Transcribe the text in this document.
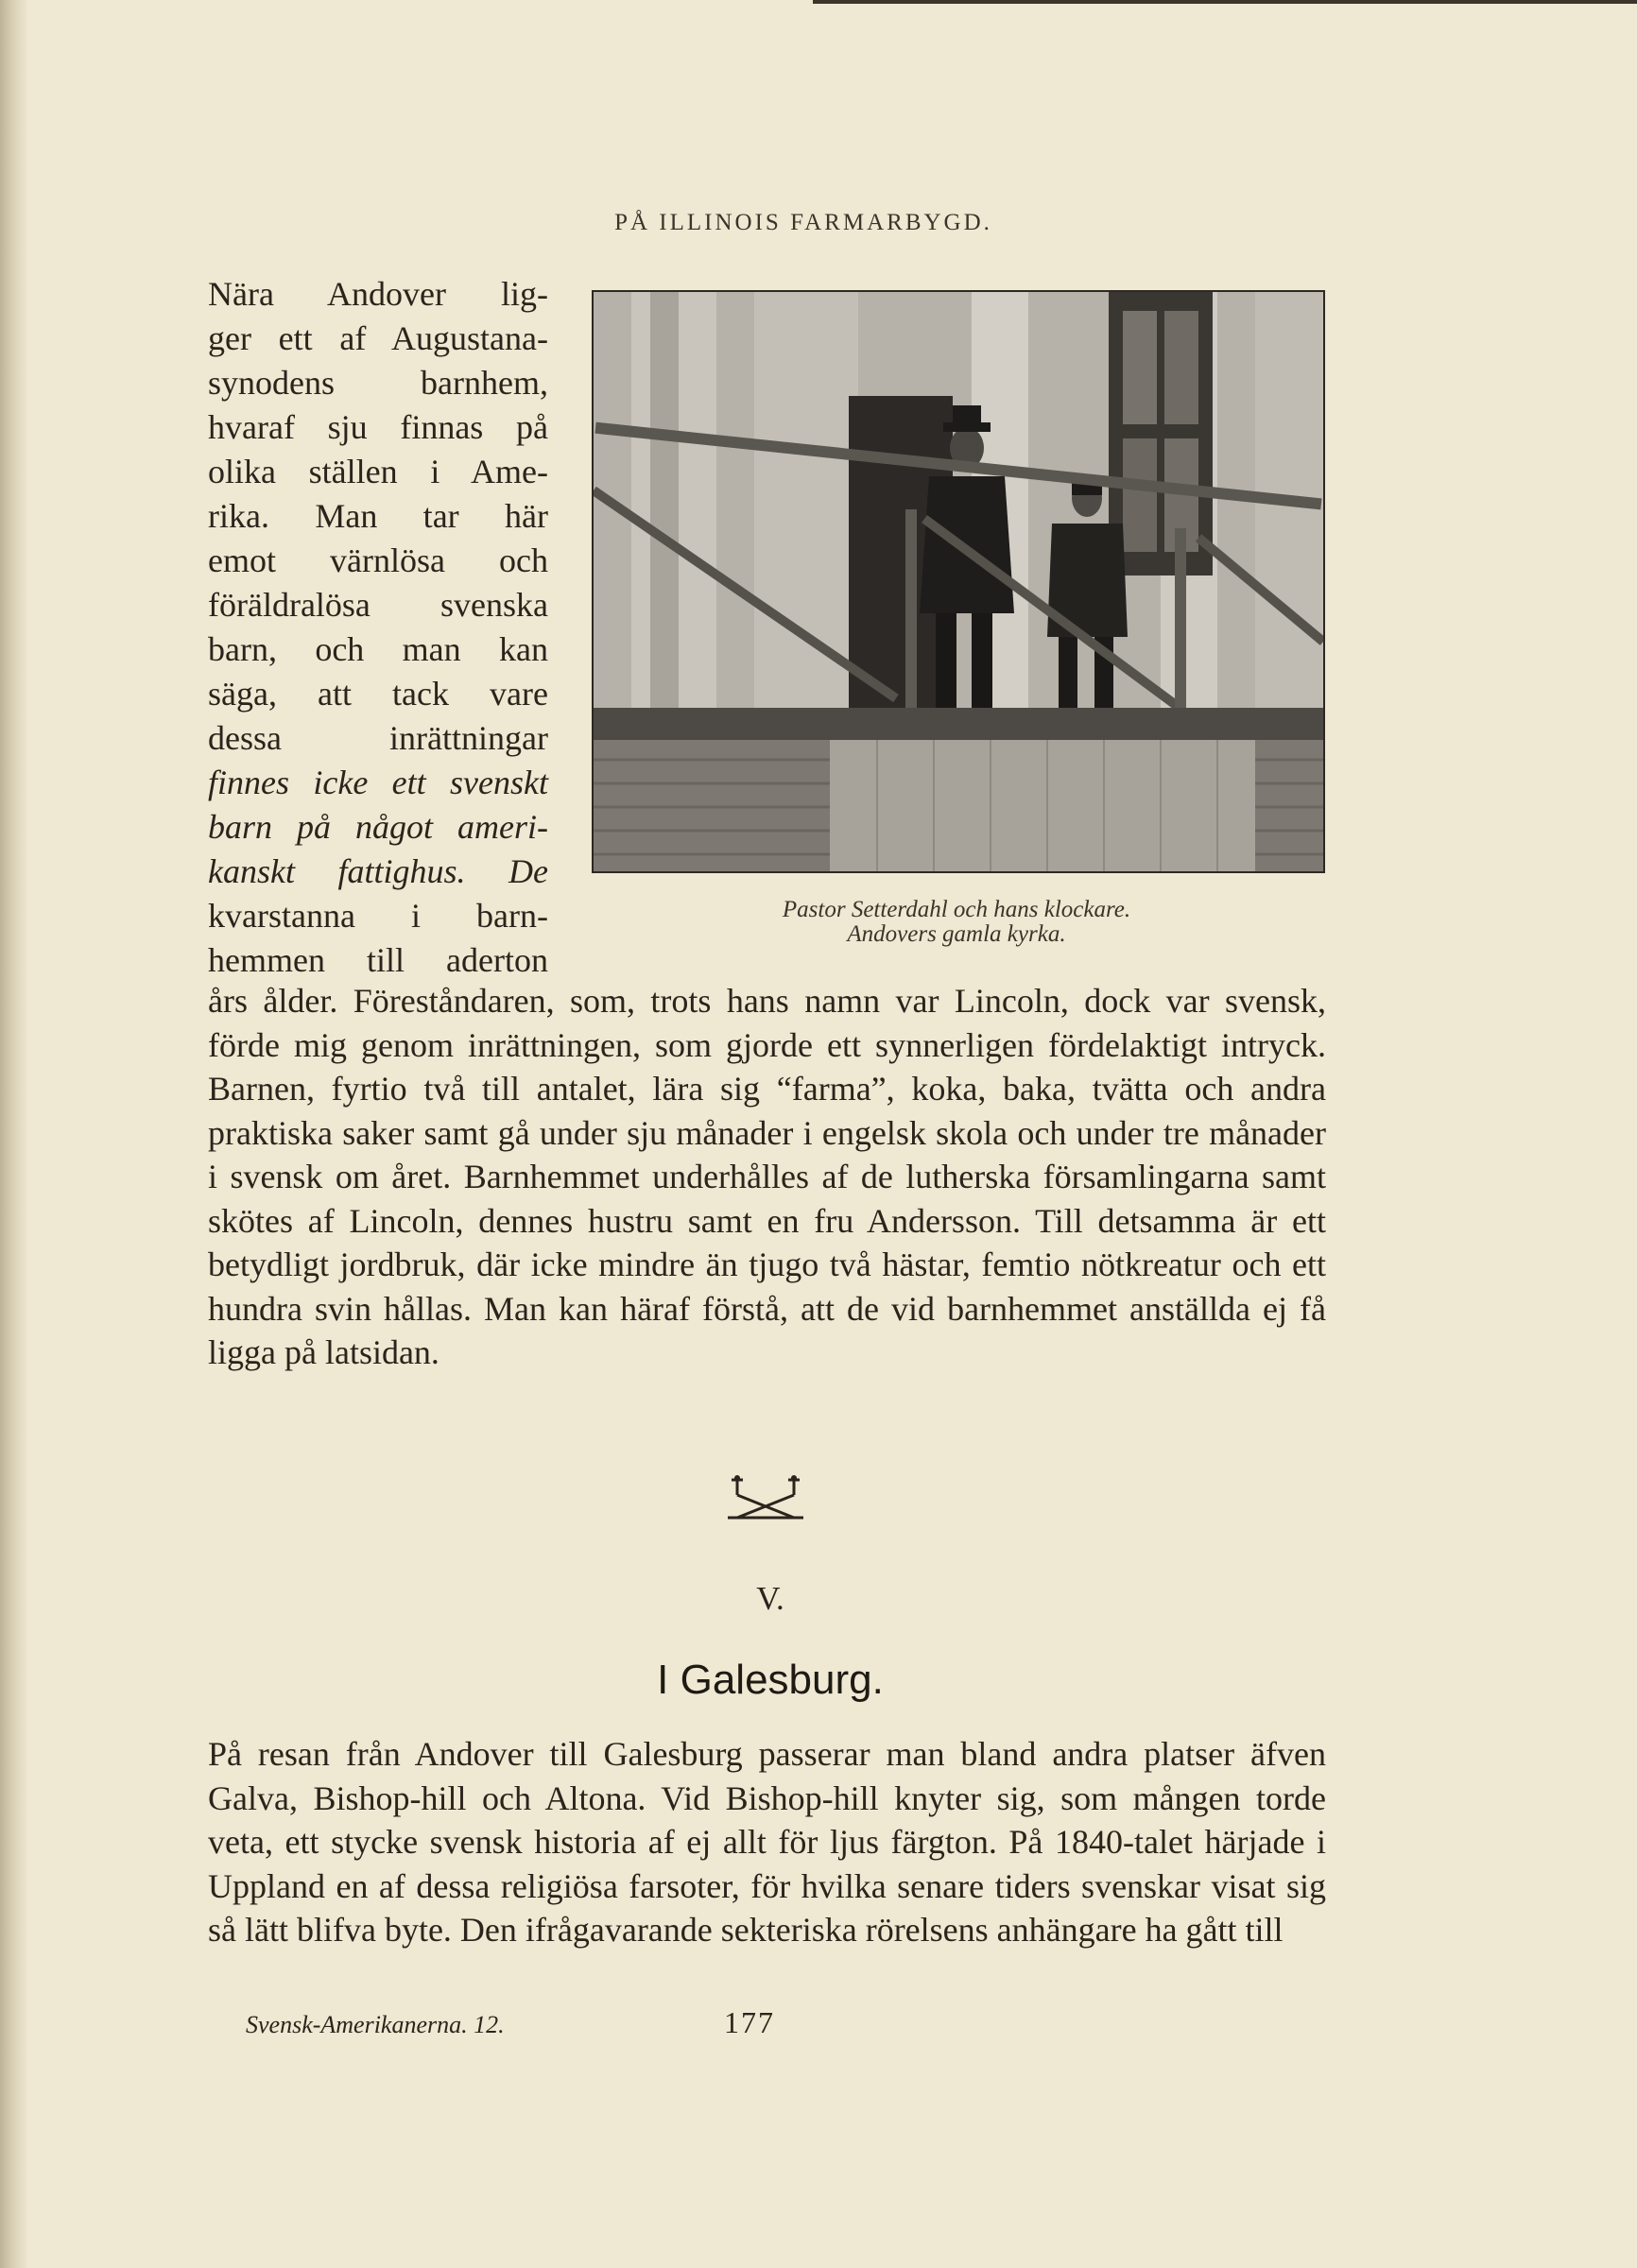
PÅ ILLINOIS FARMARBYGD.
Nära Andover lig-
ger ett af Augustana-
synodens barnhem,
hvaraf sju finnas på
olika ställen i Ame-
rika. Man tar här
emot värnlösa och
föräldralösa svenska
barn, och man kan
säga, att tack vare
dessa inrättningar
finnes icke ett svenskt
barn på något ameri-
kanskt fattighus. De
kvarstanna i barn-
hemmen till aderton
Pastor Setterdahl och hans klockare.
Andovers gamla kyrka.
års ålder. Föreståndaren, som, trots hans namn var Lincoln, dock var svensk, förde mig genom inrättningen, som gjorde ett synnerligen fördelaktigt intryck. Barnen, fyrtio två till antalet, lära sig “farma”, koka, baka, tvätta och andra praktiska saker samt gå under sju månader i engelsk skola och under tre månader i svensk om året. Barnhemmet underhålles af de lutherska församlingarna samt skötes af Lincoln, dennes hustru samt en fru Andersson. Till detsamma är ett betydligt jordbruk, där icke mindre än tjugo två hästar, femtio nötkreatur och ett hundra svin hållas. Man kan häraf förstå, att de vid barnhemmet anställda ej få ligga på latsidan.
V.
I Galesburg.
På resan från Andover till Galesburg passerar man bland andra platser äfven Galva, Bishop-hill och Altona. Vid Bishop-hill knyter sig, som mången torde veta, ett stycke svensk historia af ej allt för ljus färgton. På 1840-talet härjade i Uppland en af dessa religiösa farsoter, för hvilka senare tiders svenskar visat sig så lätt blifva byte. Den ifrågavarande sekteriska rörelsens anhängare ha gått till
Svensk-Amerikanerna. 12.	177
